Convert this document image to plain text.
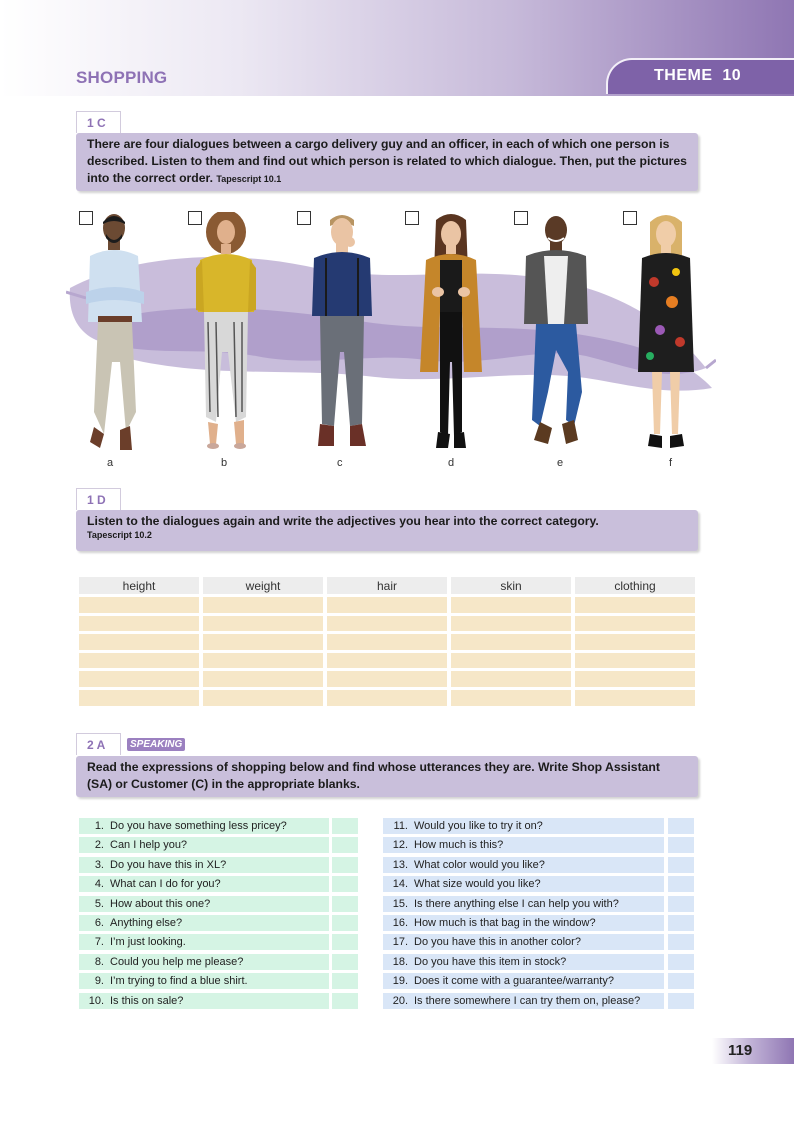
SHOPPING	THEME  10
1 C
There are four dialogues between a cargo delivery guy and an officer, in each of which one person is described. Listen to them and find out which person is related to which dialogue. Then, put the pictures into the correct order. Tapescript 10.1
a	b	c	d	e	f
1 D
Listen to the dialogues again and write the adjectives you hear into the correct category.
Tapescript 10.2
height	weight	hair	skin	clothing

2 A	SPEAKING
Read the expressions of shopping below and find whose utterances they are. Write Shop Assistant (SA) or Customer (C) in the appropriate blanks.
1. Do you have something less pricey?
2. Can I help you?
3. Do you have this in XL?
4. What can I do for you?
5. How about this one?
6. Anything else?
7. I’m just looking.
8. Could you help me please?
9. I’m trying to find a blue shirt.
10. Is this on sale?
11. Would you like to try it on?
12. How much is this?
13. What color would you like?
14. What size would you like?
15. Is there anything else I can help you with?
16. How much is that bag in the window?
17. Do you have this in another color?
18. Do you have this item in stock?
19. Does it come with a guarantee/warranty?
20. Is there somewhere I can try them on, please?
119
